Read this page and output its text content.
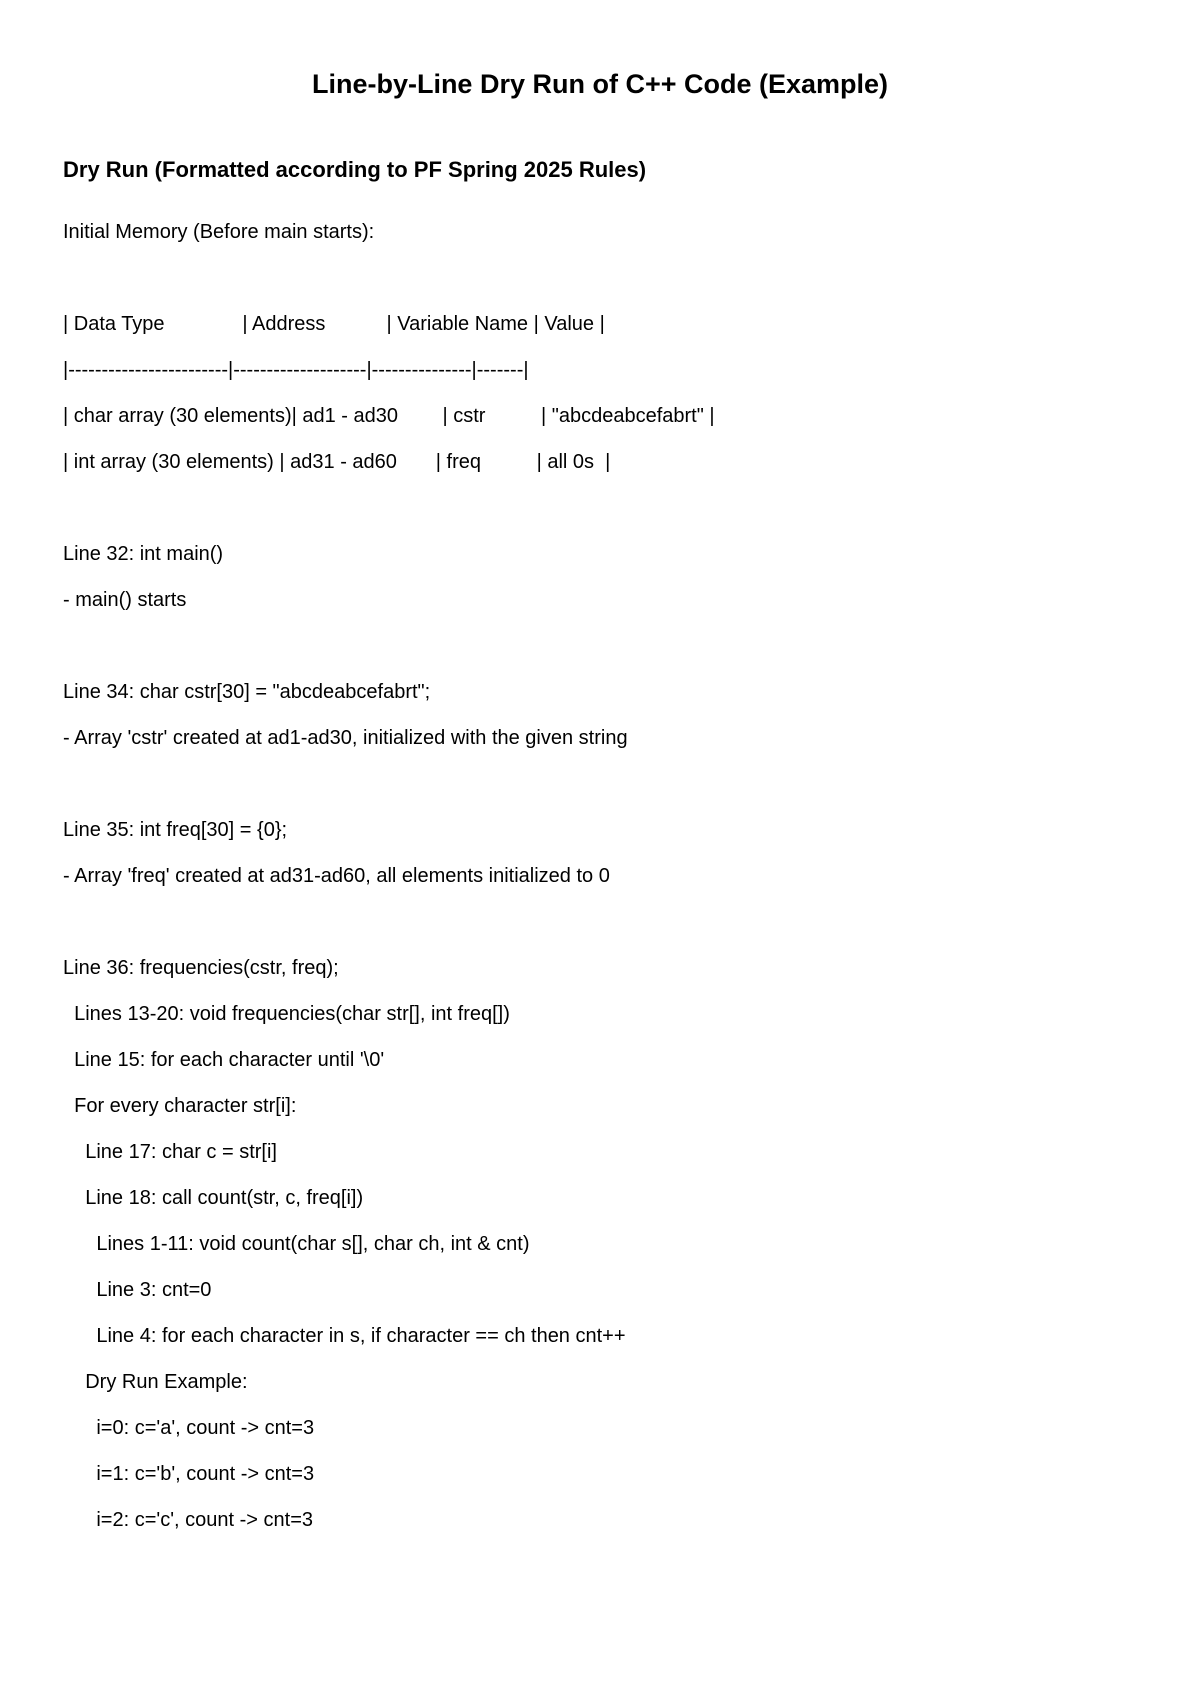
Line-by-Line Dry Run of C++ Code (Example)
Dry Run (Formatted according to PF Spring 2025 Rules)

Initial Memory (Before main starts):

| Data Type              | Address           | Variable Name | Value |

|------------------------|--------------------|---------------|-------|

| char array (30 elements)| ad1 - ad30        | cstr          | "abcdeabcefabrt" |

| int array (30 elements) | ad31 - ad60       | freq          | all 0s  |

Line 32: int main()

- main() starts

Line 34: char cstr[30] = "abcdeabcefabrt";

- Array 'cstr' created at ad1-ad30, initialized with the given string

Line 35: int freq[30] = {0};

- Array 'freq' created at ad31-ad60, all elements initialized to 0

Line 36: frequencies(cstr, freq);

Lines 13-20: void frequencies(char str[], int freq[])

Line 15: for each character until '\0'

For every character str[i]:

Line 17: char c = str[i]

Line 18: call count(str, c, freq[i])

Lines 1-11: void count(char s[], char ch, int & cnt)

Line 3: cnt=0

Line 4: for each character in s, if character == ch then cnt++

Dry Run Example:

i=0: c='a', count -> cnt=3

i=1: c='b', count -> cnt=3

i=2: c='c', count -> cnt=3
